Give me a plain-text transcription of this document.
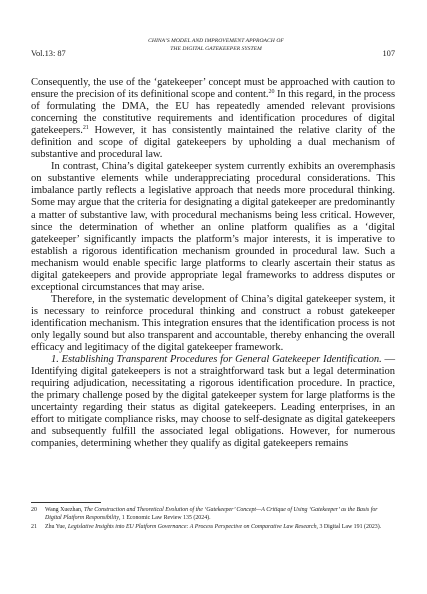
Vol.13: 87
CHINA’S MODEL AND IMPROVEMENT APPROACH OF
THE DIGITAL GATEKEEPER SYSTEM
107

Consequently, the use of the ‘gatekeeper’ concept must be approached with caution to ensure the precision of its definitional scope and content.$^{20}$ In this regard, in the process of formulating the DMA, the EU has repeatedly amended relevant provisions concerning the constitutive requirements and identification procedures of digital gatekeepers.$^{21}$ However, it has consistently maintained the relative clarity of the definition and scope of digital gatekeepers by upholding a dual mechanism of substantive and procedural law.

In contrast, China’s digital gatekeeper system currently exhibits an overemphasis on substantive elements while underappreciating procedural considerations. This imbalance partly reflects a legislative approach that needs more procedural thinking. Some may argue that the criteria for designating a digital gatekeeper are predominantly a matter of substantive law, with procedural mechanisms being less critical. However, since the determination of whether an online platform qualifies as a ‘digital gatekeeper’ significantly impacts the platform’s major interests, it is imperative to establish a rigorous identification mechanism grounded in procedural law. Such a mechanism would enable specific large platforms to clearly ascertain their status as digital gatekeepers and provide appropriate legal frameworks to address disputes or exceptional circumstances that may arise.

Therefore, in the systematic development of China’s digital gatekeeper system, it is necessary to reinforce procedural thinking and construct a robust gatekeeper identification mechanism. This integration ensures that the identification process is not only legally sound but also transparent and accountable, thereby enhancing the overall efficacy and legitimacy of the digital gatekeeper framework.

1. Establishing Transparent Procedures for General Gatekeeper Identification. — Identifying digital gatekeepers is not a straightforward task but a legal determination requiring adjudication, necessitating a rigorous identification procedure. In practice, the primary challenge posed by the digital gatekeeper system for large platforms is the uncertainty regarding their status as digital gatekeepers. Leading enterprises, in an effort to mitigate compliance risks, may choose to self-designate as digital gatekeepers and subsequently fulfill the associated legal obligations. However, for numerous companies, determining whether they qualify as digital gatekeepers remains

20 Wang Xuezhan, The Construction and Theoretical Evolution of the ‘Gatekeeper’ Concept—A Critique of Using ‘Gatekeeper’ as the Basis for Digital Platform Responsibility, 1 Economic Law Review 135 (2024).
21 Zhu Yue, Legislative Insights into EU Platform Governance: A Process Perspective on Comparative Law Research, 3 Digital Law 191 (2023).
